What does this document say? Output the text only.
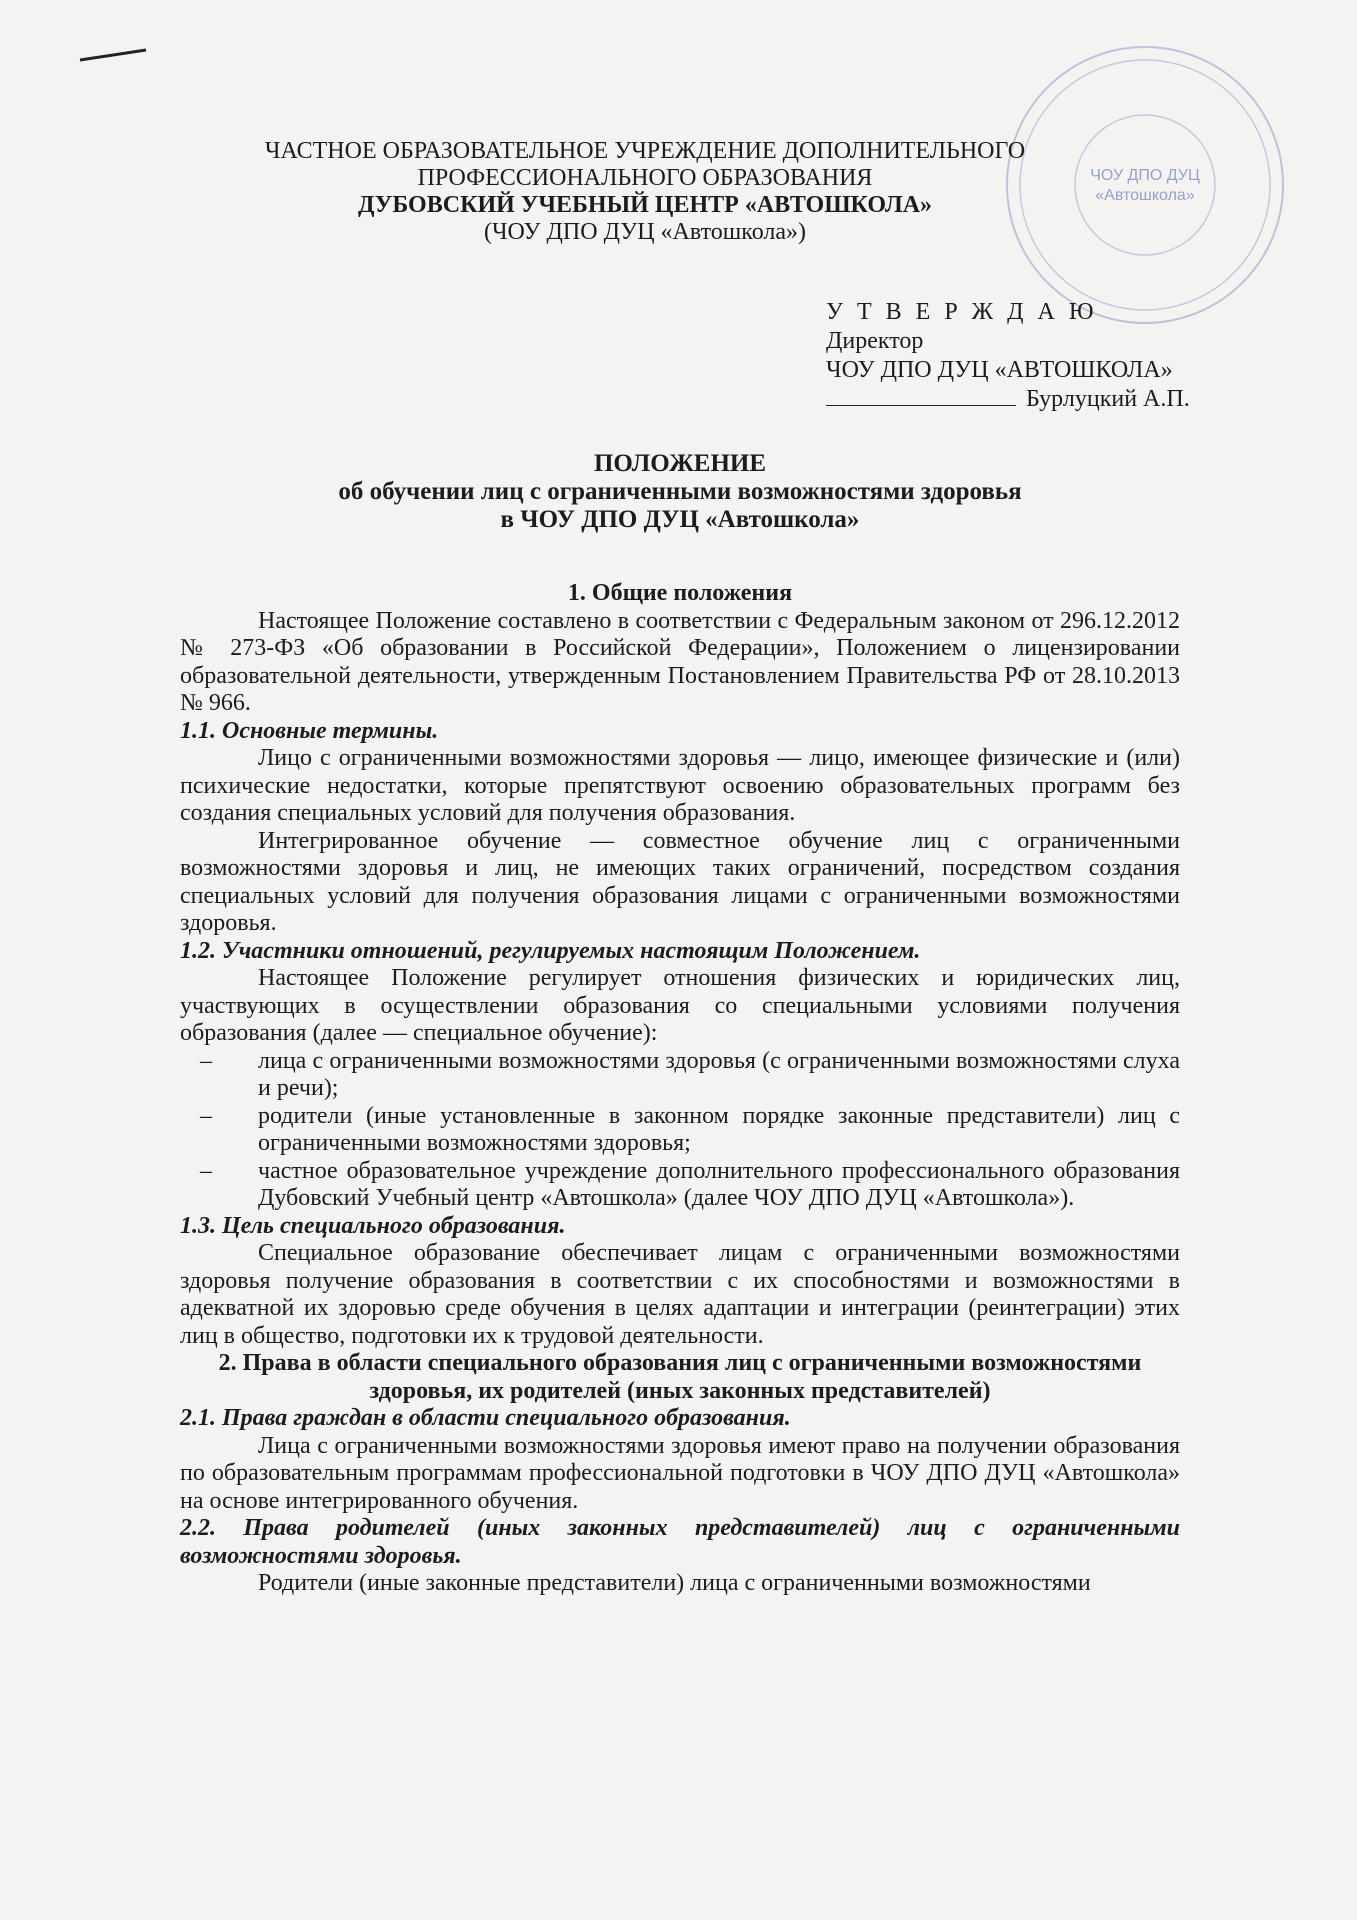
ЧОУ ДПО ДУЦ
«Автошкола»
ЧАСТНОЕ ОБРАЗОВАТЕЛЬНОЕ УЧРЕЖДЕНИЕ ДОПОЛНИТЕЛЬНОГО
ПРОФЕССИОНАЛЬНОГО ОБРАЗОВАНИЯ
ДУБОВСКИЙ УЧЕБНЫЙ ЦЕНТР «АВТОШКОЛА»
(ЧОУ ДПО ДУЦ «Автошкола»)
У Т В Е Р Ж Д А Ю
Директор
ЧОУ ДПО ДУЦ «АВТОШКОЛА»
Бурлуцкий А.П.
ПОЛОЖЕНИЕ
об обучении лиц с ограниченными возможностями здоровья
в ЧОУ ДПО ДУЦ «Автошкола»

1. Общие положения

Настоящее Положение составлено в соответствии с Федеральным законом от 296.12.2012 № 273-ФЗ «Об образовании в Российской Федерации», Положением о лицензировании образовательной деятельности, утвержденным Постановлением Правительства РФ от 28.10.2013 № 966.

1.1. Основные термины.

Лицо с ограниченными возможностями здоровья — лицо, имеющее физические и (или) психические недостатки, которые препятствуют освоению образовательных программ без создания специальных условий для получения образования.

Интегрированное обучение — совместное обучение лиц с ограниченными возможностями здоровья и лиц, не имеющих таких ограничений, посредством создания специальных условий для получения образования лицами с ограниченными возможностями здоровья.

1.2. Участники отношений, регулируемых настоящим Положением.

Настоящее Положение регулирует отношения физических и юридических лиц, участвующих в осуществлении образования со специальными условиями получения образования (далее — специальное обучение):

– лица с ограниченными возможностями здоровья (с ограниченными возможностями слуха и речи);
– родители (иные установленные в законном порядке законные представители) лиц с ограниченными возможностями здоровья;
– частное образовательное учреждение дополнительного профессионального образования Дубовский Учебный центр «Автошкола» (далее ЧОУ ДПО ДУЦ «Автошкола»).

1.3. Цель специального образования.

Специальное образование обеспечивает лицам с ограниченными возможностями здоровья получение образования в соответствии с их способностями и возможностями в адекватной их здоровью среде обучения в целях адаптации и интеграции (реинтеграции) этих лиц в общество, подготовки их к трудовой деятельности.

2. Права в области специального образования лиц с ограниченными возможностями

здоровья, их родителей (иных законных представителей)

2.1. Права граждан в области специального образования.

Лица с ограниченными возможностями здоровья имеют право на получении образования по образовательным программам профессиональной подготовки в ЧОУ ДПО ДУЦ «Автошкола» на основе интегрированного обучения.

2.2. Права родителей (иных законных представителей) лиц с ограниченными возможностями здоровья.

Родители (иные законные представители) лица с ограниченными возможностями
